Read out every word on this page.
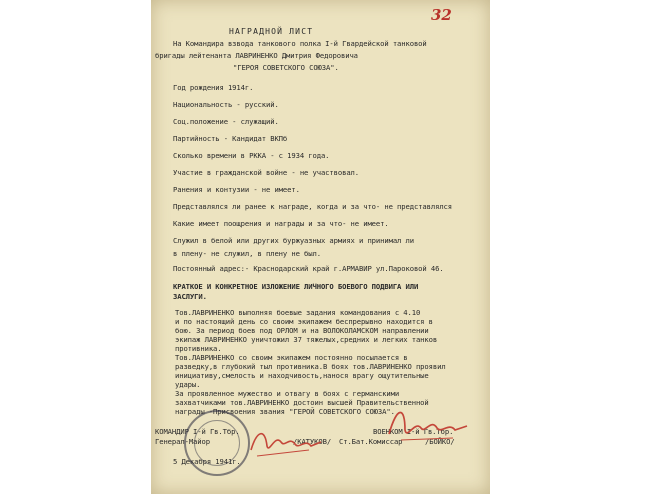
32
НАГРАДНОЙ ЛИСТ
На Командира взвода танкового полка I-й Гвардейской танковой
бригады лейтенанта ЛАВРИНЕНКО Дмитрия Федоровича
"ГЕРОЯ СОВЕТСКОГО СОЮЗА".
Год рождения 1914г.
Национальность - русский.
Соц.положение - служащий.
Партийность - Кандидат ВКПб
Сколько времени в РККА - с 1934 года.
Участие в гражданской войне - не участвовал.
Ранения и контузии - не имеет.
Представлялся ли ранее к награде, когда и за что- не представлялся
Какие имеет поощрения и награды и за что- не имеет.
Служил в белой или других буржуазных армиях и принимал ли
в плену- не служил, в плену не был.
Постоянный адрес:- Краснодарский край г.АРМАВИР ул.Пароковой 46.
КРАТКОЕ И КОНКРЕТНОЕ ИЗЛОЖЕНИЕ ЛИЧНОГО БОЕВОГО ПОДВИГА ИЛИ
ЗАСЛУГИ.
Тов.ЛАВРИНЕНКО выполняя боевые задания командования с 4.10
и по настоящий день со своим экипажем беспрерывно находится в
бою. За период боев под ОРЛОМ и на ВОЛОКОЛАМСКОМ направлении
экипаж ЛАВРИНЕНКО уничтожил 37 тяжелых,средних и легких танков
противника.
Тов.ЛАВРИНЕНКО со своим экипажем постоянно посылается в
разведку,в глубокий тыл противника.В боях тов.ЛАВРИНЕНКО проявил
инициативу,смелость и находчивость,нанося врагу ощутительные
удары.
За проявленное мужество и отвагу в боях с германскими
захватчиками тов.ЛАВРИНЕНКО достоин высшей Правительственной
награды -Присвоения звания "ГЕРОЙ СОВЕТСКОГО СОЮЗА".
КОМАНДИР I-й Гв.Тбр.
Генерал-Майор
5 Декабря 1941г.
ВОЕНКОМ I-й Гв.Тбр.
/КАТУКОВ/ Ст.Бат.Комиссар	/БОЙКО/
